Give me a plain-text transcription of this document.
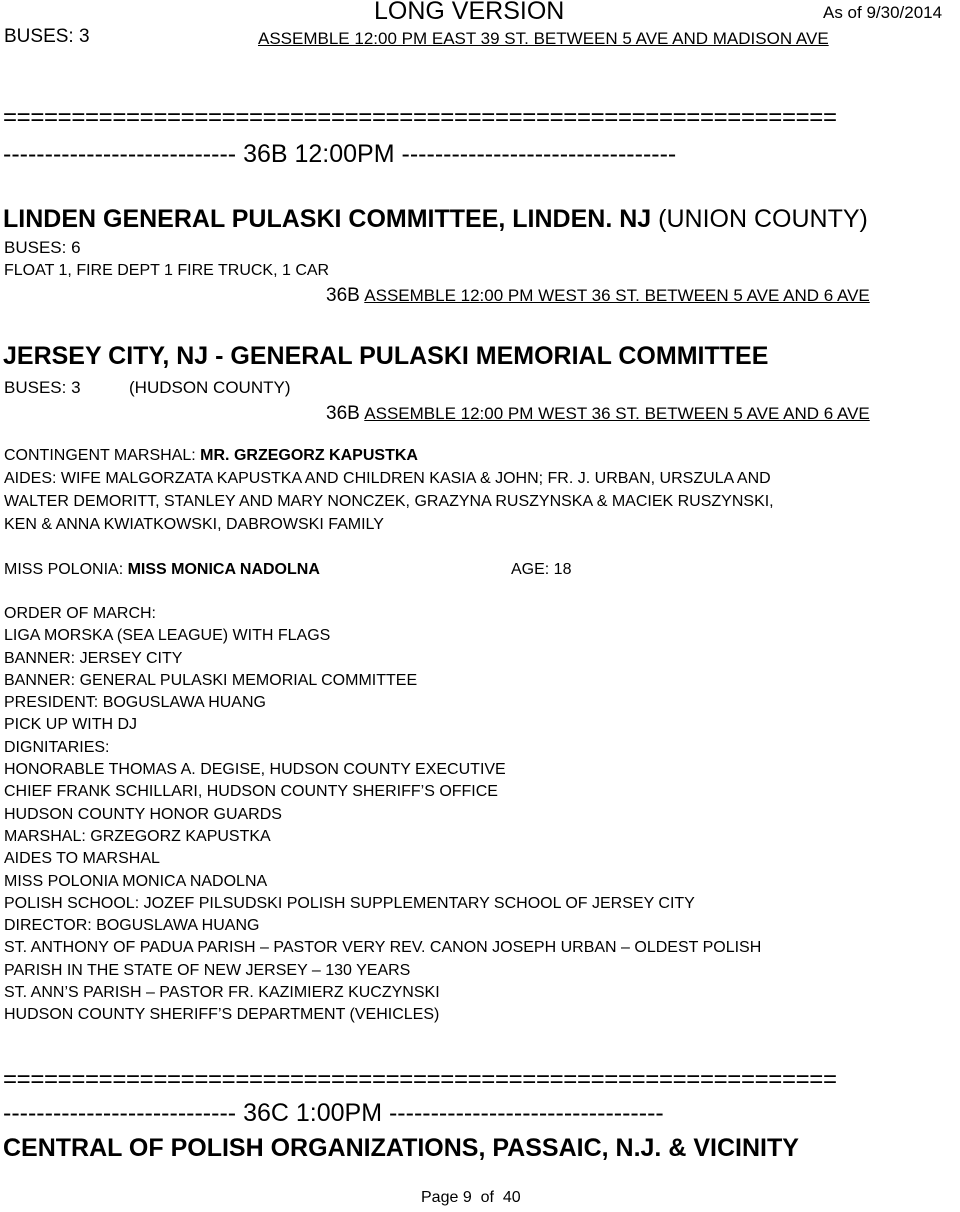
LONG VERSION	As of 9/30/2014
BUSES: 3	ASSEMBLE 12:00 PM EAST 39 ST. BETWEEN 5 AVE AND MADISON AVE
=============================================================
---------------------------- 36B 12:00PM ---------------------------------
LINDEN GENERAL PULASKI COMMITTEE, LINDEN. NJ (UNION COUNTY)
BUSES: 6
FLOAT 1, FIRE DEPT 1 FIRE TRUCK, 1 CAR
36B ASSEMBLE 12:00 PM WEST 36 ST. BETWEEN 5 AVE AND 6 AVE
JERSEY CITY, NJ - GENERAL PULASKI MEMORIAL COMMITTEE
BUSES: 3	(HUDSON COUNTY)
36B ASSEMBLE 12:00 PM WEST 36 ST. BETWEEN 5 AVE AND 6 AVE
CONTINGENT MARSHAL: MR. GRZEGORZ KAPUSTKA
AIDES: WIFE MALGORZATA KAPUSTKA AND CHILDREN KASIA & JOHN; FR. J. URBAN, URSZULA AND
WALTER DEMORITT, STANLEY AND MARY NONCZEK, GRAZYNA RUSZYNSKA & MACIEK RUSZYNSKI,
KEN & ANNA KWIATKOWSKI, DABROWSKI FAMILY
MISS POLONIA: MISS MONICA NADOLNA	AGE: 18
ORDER OF MARCH:
LIGA MORSKA (SEA LEAGUE) WITH FLAGS
BANNER: JERSEY CITY
BANNER: GENERAL PULASKI MEMORIAL COMMITTEE
PRESIDENT: BOGUSLAWA HUANG
PICK UP WITH DJ
DIGNITARIES:
HONORABLE THOMAS A. DEGISE, HUDSON COUNTY EXECUTIVE
CHIEF FRANK SCHILLARI, HUDSON COUNTY SHERIFF’S OFFICE
HUDSON COUNTY HONOR GUARDS
MARSHAL: GRZEGORZ KAPUSTKA
AIDES TO MARSHAL
MISS POLONIA MONICA NADOLNA
POLISH SCHOOL: JOZEF PILSUDSKI POLISH SUPPLEMENTARY SCHOOL OF JERSEY CITY
DIRECTOR: BOGUSLAWA HUANG
ST. ANTHONY OF PADUA PARISH – PASTOR VERY REV. CANON JOSEPH URBAN – OLDEST POLISH
PARISH IN THE STATE OF NEW JERSEY – 130 YEARS
ST. ANN’S PARISH – PASTOR FR. KAZIMIERZ KUCZYNSKI
HUDSON COUNTY SHERIFF’S DEPARTMENT (VEHICLES)
=============================================================
---------------------------- 36C 1:00PM ---------------------------------
CENTRAL OF POLISH ORGANIZATIONS, PASSAIC, N.J. & VICINITY
Page 9  of  40
